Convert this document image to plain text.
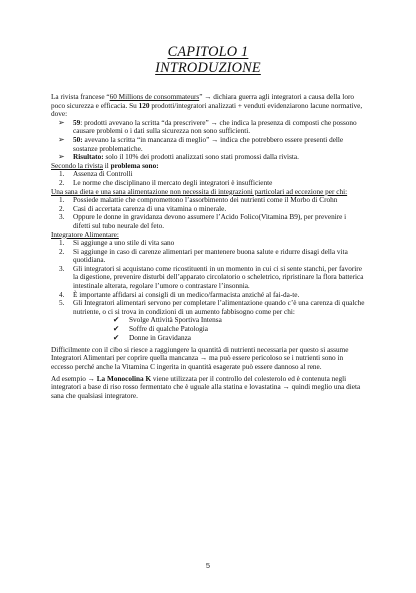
CAPITOLO 1
INTRODUZIONE

La rivista francese “60 Millions de consommateurs” → dichiara guerra agli integratori a causa della loro poco sicurezza e efficacia. Su 120 prodotti/integratori analizzati + venduti evidenziarono lacune normative, dove:

➢ 59: prodotti avevano la scritta “da prescrivere” → che indica la presenza di composti che possono causare problemi o i dati sulla sicurezza non sono sufficienti.
➢ 50: avevano la scritta “in mancanza di meglio” → indica che potrebbero essere presenti delle sostanze problematiche.
➢ Risultato: solo il 10% dei prodotti analizzati sono stati promossi dalla rivista.

Secondo la rivista il problema sono:

1. Assenza di Controlli
2. Le norme che disciplinano il mercato degli integratori è insufficiente

Una sana dieta e una sana alimentazione non necessita di integrazioni particolari ad eccezione per chi:

1. Possiede malattie che compromettono l’assorbimento dei nutrienti come il Morbo di Crohn
2. Casi di accertata carenza di una vitamina o minerale.
3. Oppure le donne in gravidanza devono assumere l’Acido Folico(Vitamina B9), per prevenire i difetti sul tubo neurale del feto.

Integratore Alimentare:

1. Si aggiunge a uno stile di vita sano
2. Si aggiunge in caso di carenze alimentari per mantenere buona salute e ridurre disagi della vita quotidiana.
3. Gli integratori si acquistano come ricostituenti in un momento in cui ci si sente stanchi, per favorire la digestione, prevenire disturbi dell’apparato circolatorio o scheletrico, ripristinare la flora batterica intestinale alterata, regolare l’umore o contrastare l’insonnia.
4. È importante affidarsi ai consigli di un medico/farmacista anziché al fai-da-te.
5. Gli Integratori alimentari servono per completare l’alimentazione quando c’è una carenza di qualche nutriente, o ci si trova in condizioni di un aumento fabbisogno come per chi:
✔ Svolge Attività Sportiva Intensa
✔ Soffre di qualche Patologia
✔ Donne in Gravidanza

Difficilmente con il cibo si riesce a raggiungere la quantità di nutrienti necessaria per questo si assume Integratori Alimentari per coprire quella mancanza → ma può essere pericoloso se i nutrienti sono in eccesso perché anche la Vitamina C ingerita in quantità esagerate può essere dannoso al rene.

Ad esempio → La Monocolina K viene utilizzata per il controllo del colesterolo ed è contenuta negli integratori a base di riso rosso fermentato che è uguale alla statina e lovastatina → quindi meglio una dieta sana che qualsiasi integratore.

5
